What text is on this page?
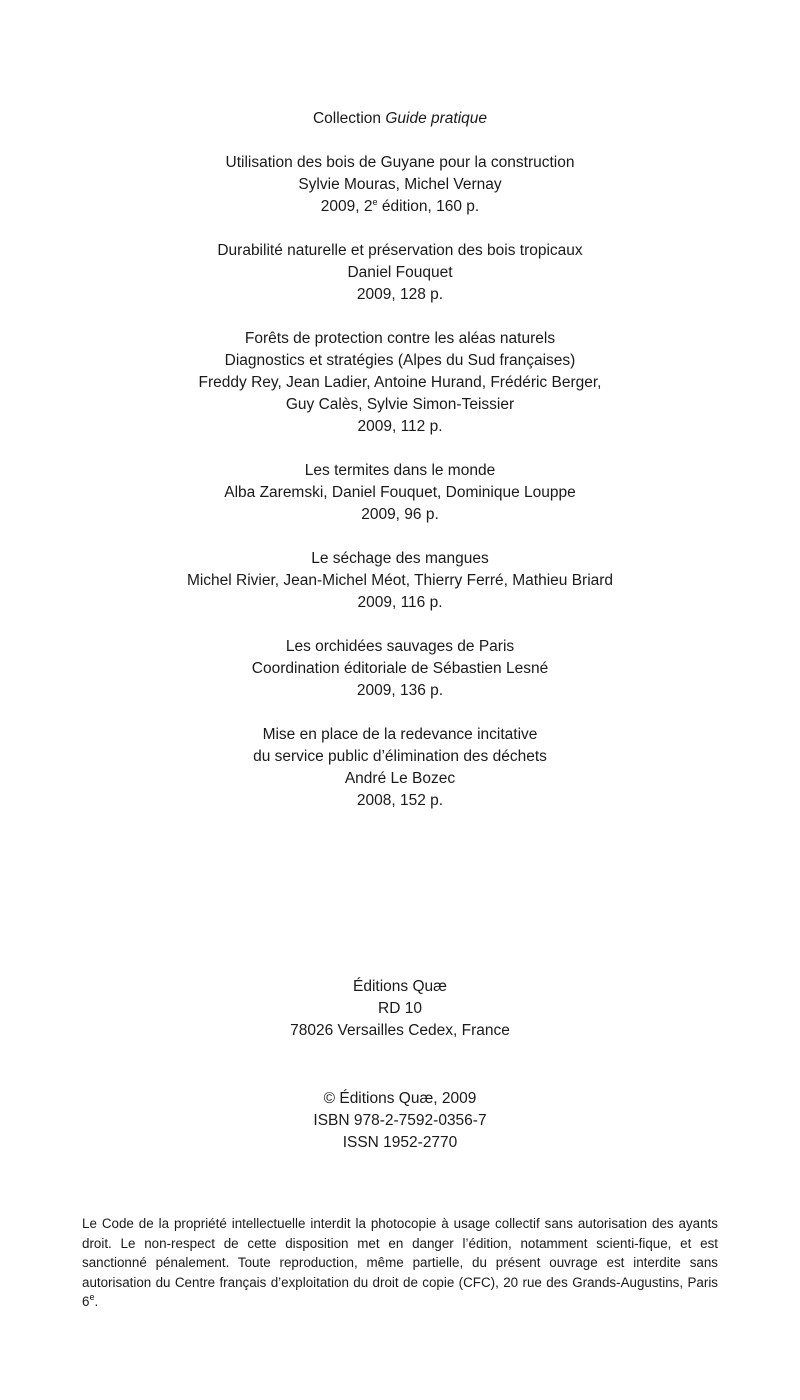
Collection Guide pratique
Utilisation des bois de Guyane pour la construction
Sylvie Mouras, Michel Vernay
2009, 2e édition, 160 p.
Durabilité naturelle et préservation des bois tropicaux
Daniel Fouquet
2009, 128 p.
Forêts de protection contre les aléas naturels
Diagnostics et stratégies (Alpes du Sud françaises)
Freddy Rey, Jean Ladier, Antoine Hurand, Frédéric Berger,
Guy Calès, Sylvie Simon-Teissier
2009, 112 p.
Les termites dans le monde
Alba Zaremski, Daniel Fouquet, Dominique Louppe
2009, 96 p.
Le séchage des mangues
Michel Rivier, Jean-Michel Méot, Thierry Ferré, Mathieu Briard
2009, 116 p.
Les orchidées sauvages de Paris
Coordination éditoriale de Sébastien Lesné
2009, 136 p.
Mise en place de la redevance incitative
du service public d’élimination des déchets
André Le Bozec
2008, 152 p.
Éditions Quæ
RD 10
78026 Versailles Cedex, France
© Éditions Quæ, 2009
ISBN 978-2-7592-0356-7
ISSN 1952-2770

Le Code de la propriété intellectuelle interdit la photocopie à usage collectif sans autorisation des ayants droit. Le non-respect de cette disposition met en danger l’édition, notamment scienti-fique, et est sanctionné pénalement. Toute reproduction, même partielle, du présent ouvrage est interdite sans autorisation du Centre français d’exploitation du droit de copie (CFC), 20 rue des Grands-Augustins, Paris 6e.
